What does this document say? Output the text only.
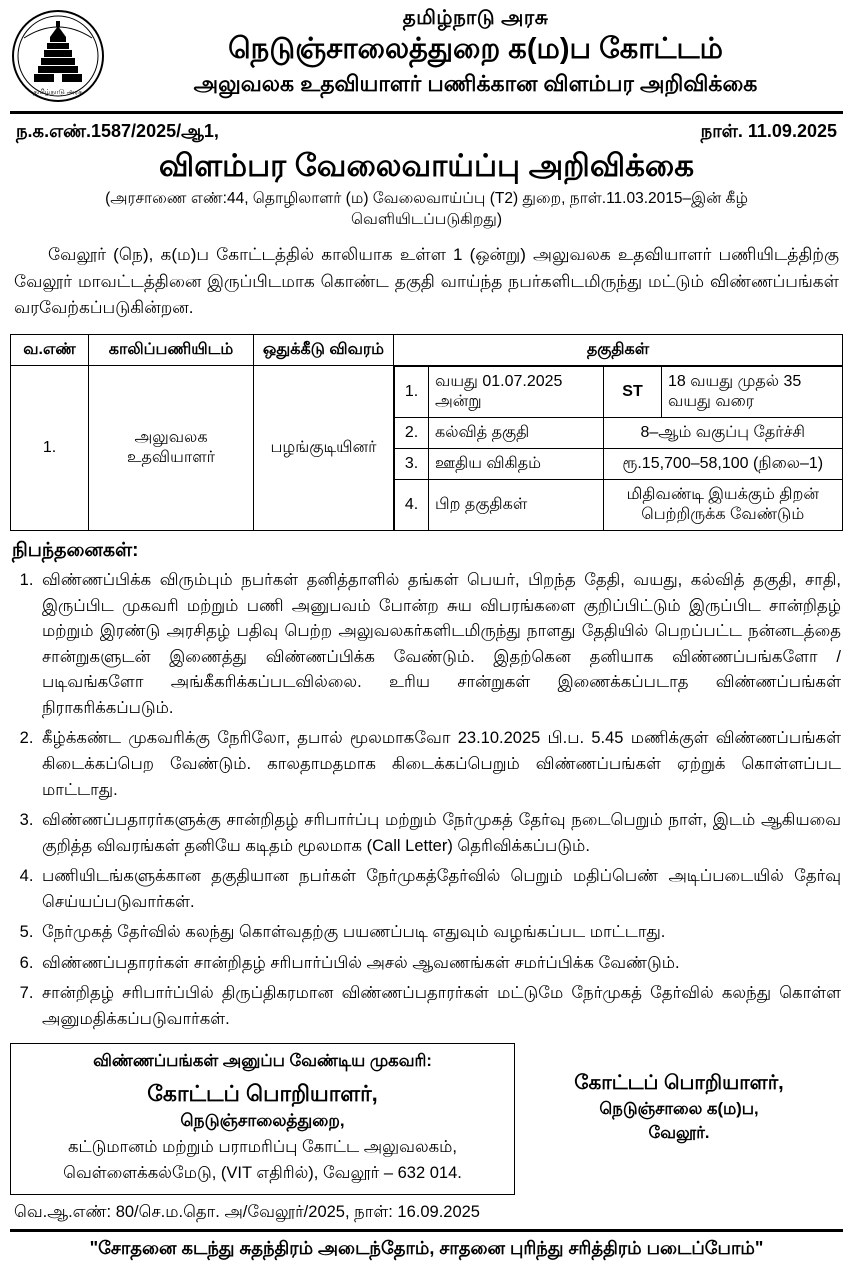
தமிழ்நாடு அரசு
தமிழ்நாடு அரசு
நெடுஞ்சாலைத்துறை க(ம)ப கோட்டம்
அலுவலக உதவியாளர் பணிக்கான விளம்பர அறிவிக்கை
ந.க.எண்.1587/2025/ஆ1,	நாள். 11.09.2025
விளம்பர வேலைவாய்ப்பு அறிவிக்கை
(அரசாணை எண்:44, தொழிலாளர் (ம) வேலைவாய்ப்பு (T2) துறை, நாள்.11.03.2015–இன் கீழ் வெளியிடப்படுகிறது)
வேலூர் (நெ), க(ம)ப கோட்டத்தில் காலியாக உள்ள 1 (ஒன்று) அலுவலக உதவியாளர் பணியிடத்திற்கு வேலூர் மாவட்டத்தினை இருப்பிடமாக கொண்ட தகுதி வாய்ந்த நபர்களிடமிருந்து மட்டும் விண்ணப்பங்கள் வரவேற்கப்படுகின்றன.
வ.எண்	காலிப்பணியிடம்	ஒதுக்கீடு விவரம்	தகுதிகள்
1.	அலுவலக உதவியாளர்	பழங்குடியினர்	
1.	வயது 01.07.2025 அன்று	ST	18 வயது முதல் 35 வயது வரை
2.	கல்வித் தகுதி	8–ஆம் வகுப்பு தேர்ச்சி
3.	ஊதிய விகிதம்	ரூ.15,700–58,100 (நிலை–1)
4.	பிற தகுதிகள்	மிதிவண்டி இயக்கும் திறன் பெற்றிருக்க வேண்டும்
நிபந்தனைகள்:
1. விண்ணப்பிக்க விரும்பும் நபர்கள் தனித்தாளில் தங்கள் பெயர், பிறந்த தேதி, வயது, கல்வித் தகுதி, சாதி, இருப்பிட முகவரி மற்றும் பணி அனுபவம் போன்ற சுய விபரங்களை குறிப்பிட்டும் இருப்பிட சான்றிதழ் மற்றும் இரண்டு அரசிதழ் பதிவு பெற்ற அலுவலகர்களிடமிருந்து நாளது தேதியில் பெறப்பட்ட நன்னடத்தை சான்றுகளுடன் இணைத்து விண்ணப்பிக்க வேண்டும். இதற்கென தனியாக விண்ணப்பங்களோ / படிவங்களோ அங்கீகரிக்கப்படவில்லை. உரிய சான்றுகள் இணைக்கப்படாத விண்ணப்பங்கள் நிராகரிக்கப்படும்.
2. கீழ்க்கண்ட முகவரிக்கு நேரிலோ, தபால் மூலமாகவோ 23.10.2025 பி.ப. 5.45 மணிக்குள் விண்ணப்பங்கள் கிடைக்கப்பெற வேண்டும். காலதாமதமாக கிடைக்கப்பெறும் விண்ணப்பங்கள் ஏற்றுக் கொள்ளப்பட மாட்டாது.
3. விண்ணப்பதாரர்களுக்கு சான்றிதழ் சரிபார்ப்பு மற்றும் நேர்முகத் தேர்வு நடைபெறும் நாள், இடம் ஆகியவை குறித்த விவரங்கள் தனியே கடிதம் மூலமாக (Call Letter) தெரிவிக்கப்படும்.
4. பணியிடங்களுக்கான தகுதியான நபர்கள் நேர்முகத்தேர்வில் பெறும் மதிப்பெண் அடிப்படையில் தேர்வு செய்யப்படுவார்கள்.
5. நேர்முகத் தேர்வில் கலந்து கொள்வதற்கு பயணப்படி எதுவும் வழங்கப்பட மாட்டாது.
6. விண்ணப்பதாரர்கள் சான்றிதழ் சரிபார்ப்பில் அசல் ஆவணங்கள் சமர்ப்பிக்க வேண்டும்.
7. சான்றிதழ் சரிபார்ப்பில் திருப்திகரமான விண்ணப்பதாரர்கள் மட்டுமே நேர்முகத் தேர்வில் கலந்து கொள்ள அனுமதிக்கப்படுவார்கள்.
விண்ணப்பங்கள் அனுப்ப வேண்டிய முகவரி:
கோட்டப் பொறியாளர்,
நெடுஞ்சாலைத்துறை,
கட்டுமானம் மற்றும் பராமரிப்பு கோட்ட அலுவலகம்,
வெள்ளைக்கல்மேடு, (VIT எதிரில்), வேலூர் – 632 014.
கோட்டப் பொறியாளர்,
நெடுஞ்சாலை க(ம)ப,
வேலூர்.
வெ.ஆ.எண்: 80/செ.ம.தொ. அ/வேலூர்/2025, நாள்: 16.09.2025
"சோதனை கடந்து சுதந்திரம் அடைந்தோம், சாதனை புரிந்து சரித்திரம் படைப்போம்"
